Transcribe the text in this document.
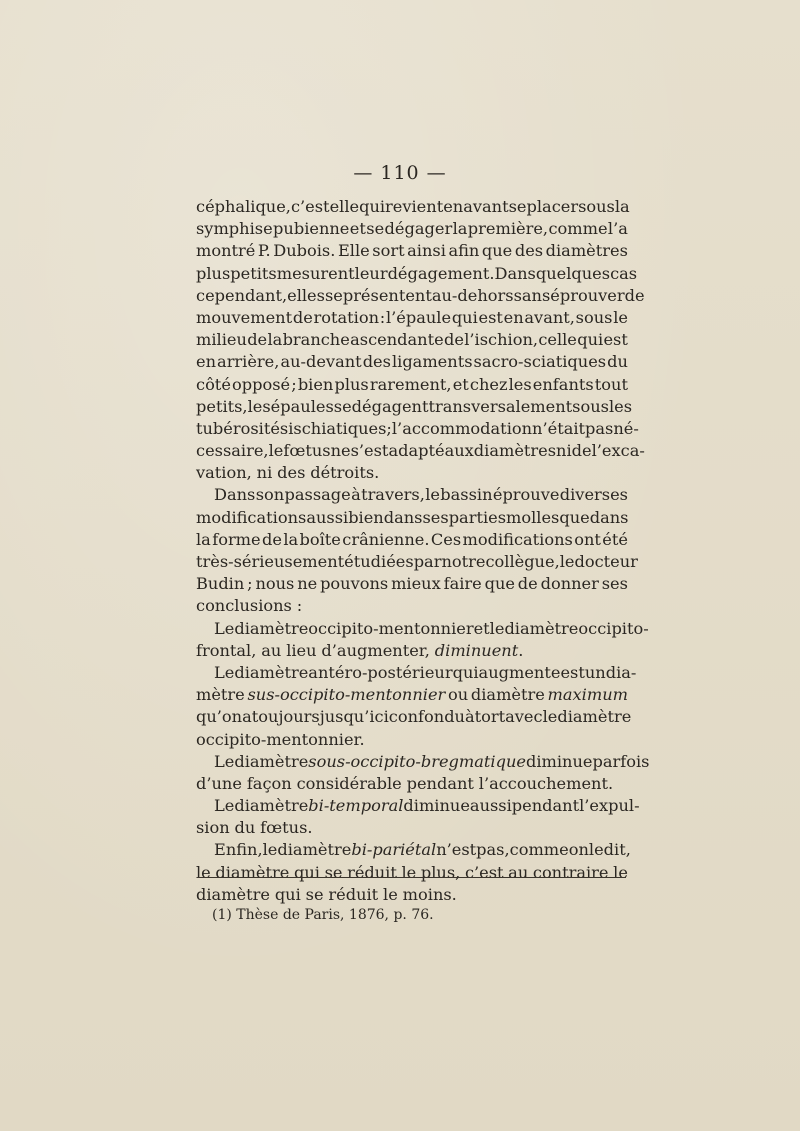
— 110 —
céphalique, c’est elle qui revient en avant se placer sous la
symphise pubienne et se dégager la première, comme l’a
montré P. Dubois. Elle sort ainsi afin que des diamètres
plus petits mesurent leur dégagement. Dans quelques cas
cependant, elles se présentent au-dehors sans éprouver de
mouvement de rotation : l’épaule qui est en avant, sous le
milieu de la branche ascendante de l’ischion, celle qui est
en arrière, au-devant des ligaments sacro-sciatiques du
côté opposé ; bien plus rarement, et chez les enfants tout
petits, les épaules se dégagent transversalement sous les
tubérosités ischiatiques ; l’accommodation n’était pas né-
cessaire, le fœtus ne s’est adapté aux diamètres ni de l’exca-
vation, ni des détroits.
Dans son passage à travers, le bassin éprouve diverses
modifications aussi bien dans ses parties molles que dans
la forme de la boîte crânienne. Ces modifications ont été
très-sérieusement étudiées par notre collègue, le docteur
Budin ; nous ne pouvons mieux faire que de donner ses
conclusions :
Le diamètre occipito-mentonnier et le diamètre occipito-
frontal, au lieu d’augmenter, diminuent.
Le diamètre antéro-postérieur qui augmente est un dia-
mètre sus-occipito-mentonnier ou diamètre maximum
qu’on a toujours jusqu’ici confondu à tort avec le diamètre
occipito-mentonnier.
Le diamètre sous-occipito-bregmatique diminue parfois
d’une façon considérable pendant l’accouchement.
Le diamètre bi-temporal diminue aussi pendant l’expul-
sion du fœtus.
Enfin, le diamètre bi-pariétal n’est pas, comme on le dit,
le diamètre qui se réduit le plus, c’est au contraire le
diamètre qui se réduit le moins.
(1) Thèse de Paris, 1876, p. 76.
